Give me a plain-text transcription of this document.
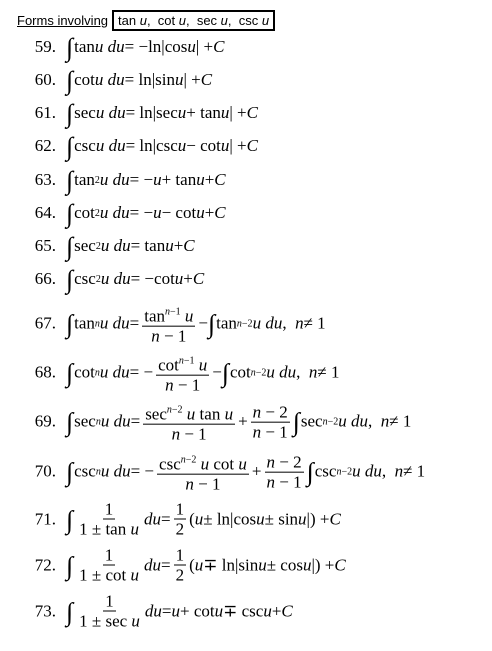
Forms involving tan u,  cot u,  sec u,  csc u
59. ∫ tan u du = −ln|cos u | + C
60. ∫ cot u du = ln|sin u | + C
61. ∫ sec u du = ln|sec u + tan u | + C
62. ∫ csc u du = ln|csc u − cot u | + C
63. ∫ tan 2 u du = − u + tan u + C
64. ∫ cot 2 u du = − u − cot u + C
65. ∫ sec 2 u du = tan u + C
66. ∫ csc 2 u du = −cot u + C
67. ∫ tan n u du = $\tan^{n-1} u$
n − 1
− ∫ tan n−2 u du , n ≠ 1
68. ∫ cot n u du = − $\cot^{n-1} u$
n − 1
− ∫ cot n−2 u du , n ≠ 1
69. ∫ sec n u du = $\sec^{n-2} u$ tan u
n − 1
+ n − 2
n − 1 ∫ sec n−2 u du , n ≠ 1
70. ∫ csc n u du = − $\csc^{n-2} u$ cot u
n − 1
+ n − 2
n − 1 ∫ csc n−2 u du , n ≠ 1
71. ∫ 1
1 ± tan u
du = 1
2
( u ± ln|cos u ± sin u |) + C
72. ∫ 1
1 ± cot u
du = 1
2
( u ∓ ln|sin u ± cos u |) + C
73. ∫ 1
1 ± sec u
du = u + cot u ∓ csc u + C
